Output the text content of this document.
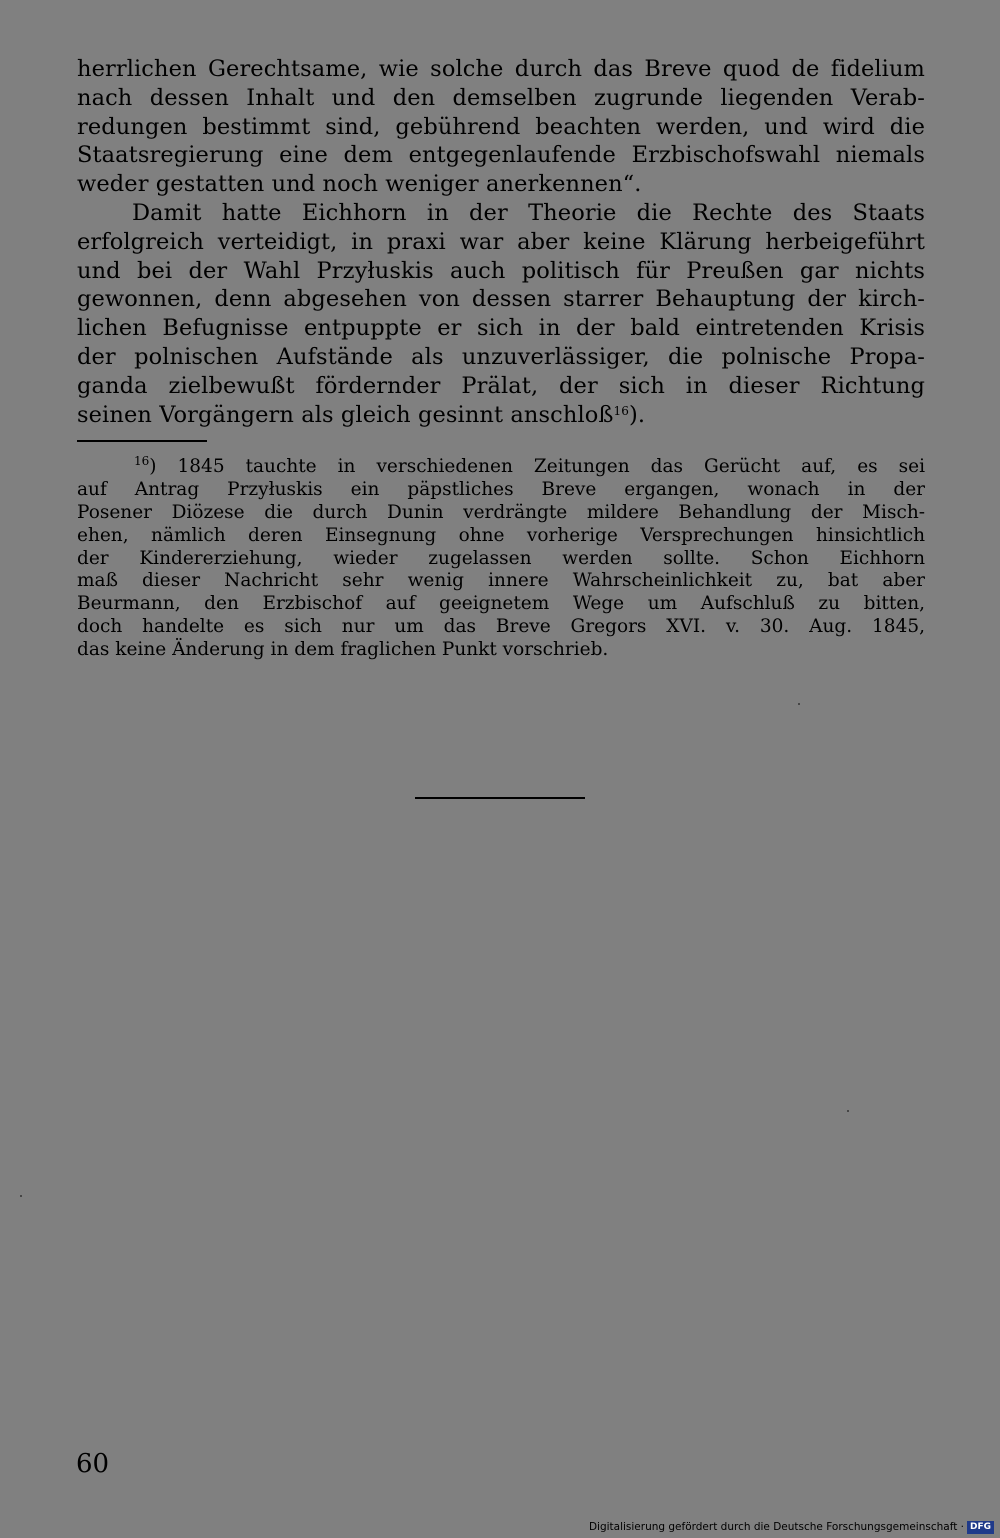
herrlichen Gerechtsame, wie solche durch das Breve quod de fidelium
nach dessen Inhalt und den demselben zugrunde liegenden Verab-
redungen bestimmt sind, gebührend beachten werden, und wird die
Staatsregierung eine dem entgegenlaufende Erzbischofswahl niemals
weder gestatten und noch weniger anerkennen“.
Damit hatte Eichhorn in der Theorie die Rechte des Staats
erfolgreich verteidigt, in praxi war aber keine Klärung herbeigeführt
und bei der Wahl Przyłuskis auch politisch für Preußen gar nichts
gewonnen, denn abgesehen von dessen starrer Behauptung der kirch-
lichen Befugnisse entpuppte er sich in der bald eintretenden Krisis
der polnischen Aufstände als unzuverlässiger, die polnische Propa-
ganda zielbewußt fördernder Prälat, der sich in dieser Richtung
seinen Vorgängern als gleich gesinnt anschloß$^{16}$).
$^{16}$) 1845 tauchte in verschiedenen Zeitungen das Gerücht auf, es sei
auf Antrag Przyłuskis ein päpstliches Breve ergangen, wonach in der
Posener Diözese die durch Dunin verdrängte mildere Behandlung der Misch-
ehen, nämlich deren Einsegnung ohne vorherige Versprechungen hinsichtlich
der Kindererziehung, wieder zugelassen werden sollte. Schon Eichhorn
maß dieser Nachricht sehr wenig innere Wahrscheinlichkeit zu, bat aber
Beurmann, den Erzbischof auf geeignetem Wege um Aufschluß zu bitten,
doch handelte es sich nur um das Breve Gregors XVI. v. 30. Aug. 1845,
das keine Änderung in dem fraglichen Punkt vorschrieb.
60
Digitalisierung gefördert durch die Deutsche Forschungsgemeinschaft · DFG
